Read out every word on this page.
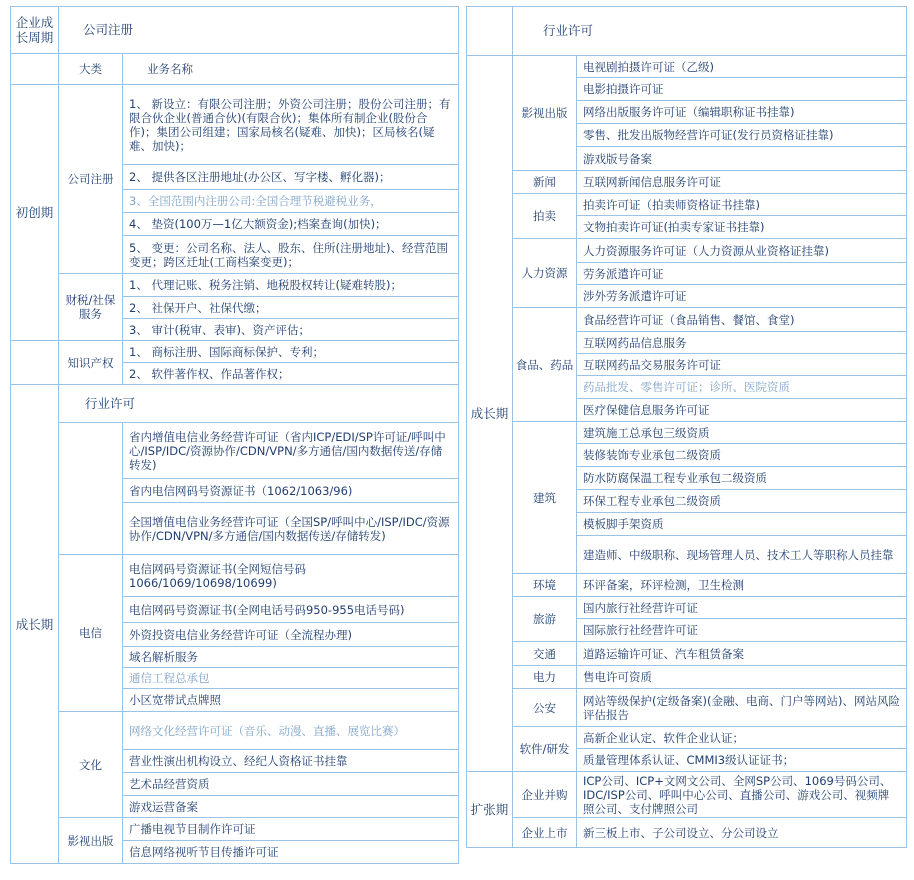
企业成长周期	公司注册	
	大类	业务名称
初创期	公司注册	1、 新设立：有限公司注册；外资公司注册；股份公司注册；有限合伙企业(普通合伙)(有限合伙)；集体所有制企业(股份合作)；集团公司组建；国家局核名(疑难、加快)；区局核名(疑难、加快)；
		2、 提供各区注册地址(办公区、写字楼、孵化器)；
		3、全国范围内注册公司:全国合理节税避税业务，
		4、 垫资(100万—1亿大额资金);档案查询(加快)；
		5、 变更：公司名称、法人、股东、住所(注册地址)、经营范围变更；跨区迁址(工商档案变更)；
	财税/社保服务	1、 代理记账、税务注销、地税股权转让(疑难转股)；
		2、 社保开户、社保代缴；
		3、 审计(税审、表审)、资产评估；
	知识产权	1、 商标注册、国际商标保护、专利；
		2、 软件著作权、作品著作权；
成长期	行业许可	
		省内增值电信业务经营许可证（省内ICP/EDI/SP许可证/呼叫中心/ISP/IDC/资源协作/CDN/VPN/多方通信/国内数据传送/存储转发)
		省内电信网码号资源证书（1062/1063/96)
		全国增值电信业务经营许可证（全国SP/呼叫中心/ISP/IDC/资源协作/CDN/VPN/多方通信/国内数据传送/存储转发)
	电信	电信网码号资源证书(全网短信号码1066/1069/10698/10699)
		电信网码号资源证书(全网电话号码950-955电话号码)
		外资投资电信业务经营许可证（全流程办理)
		域名解析服务
		通信工程总承包
		小区宽带试点牌照
	文化	网络文化经营许可证（音乐、动漫、直播、展览比赛）
		营业性演出机构设立、经纪人资格证书挂靠
		艺术品经营资质
		游戏运营备案
	影视出版	广播电视节目制作许可证
		信息网络视听节目传播许可证
	行业许可	
成长期	影视出版	电视剧拍摄许可证（乙级)
		电影拍摄许可证
		网络出版服务许可证（编辑职称证书挂靠)
		零售、批发出版物经营许可证(发行员资格证挂靠)
		游戏版号备案
	新闻	互联网新闻信息服务许可证
	拍卖	拍卖许可证（拍卖师资格证书挂靠)
		文物拍卖许可证(拍卖专家证书挂靠)
	人力资源	人力资源服务许可证（人力资源从业资格证挂靠)
		劳务派遣许可证
		涉外劳务派遣许可证
	食品、药品	食品经营许可证（食品销售、餐馆、食堂)
		互联网药品信息服务
		互联网药品交易服务许可证
		药品批发、零售许可证；诊所、医院资质
		医疗保健信息服务许可证
	建筑	建筑施工总承包三级资质
		装修装饰专业承包二级资质
		防水防腐保温工程专业承包二级资质
		环保工程专业承包二级资质
		模板脚手架资质
		建造师、中级职称、现场管理人员、技术工人等职称人员挂靠
	环境	环评备案，环评检测，卫生检测
	旅游	国内旅行社经营许可证
		国际旅行社经营许可证
	交通	道路运输许可证、汽车租赁备案
	电力	售电许可资质
	公安	网站等级保护(定级备案)(金融、电商、门户等网站)、网站风险评估报告
	软件/研发	高新企业认定、软件企业认证；
		质量管理体系认证、CMMI3级认证证书；
扩张期	企业并购	ICP公司、ICP+文网文公司、全网SP公司、1069号码公司、IDC/ISP公司、呼叫中心公司、直播公司、游戏公司、视频牌照公司、支付牌照公司
	企业上市	新三板上市、子公司设立、分公司设立
